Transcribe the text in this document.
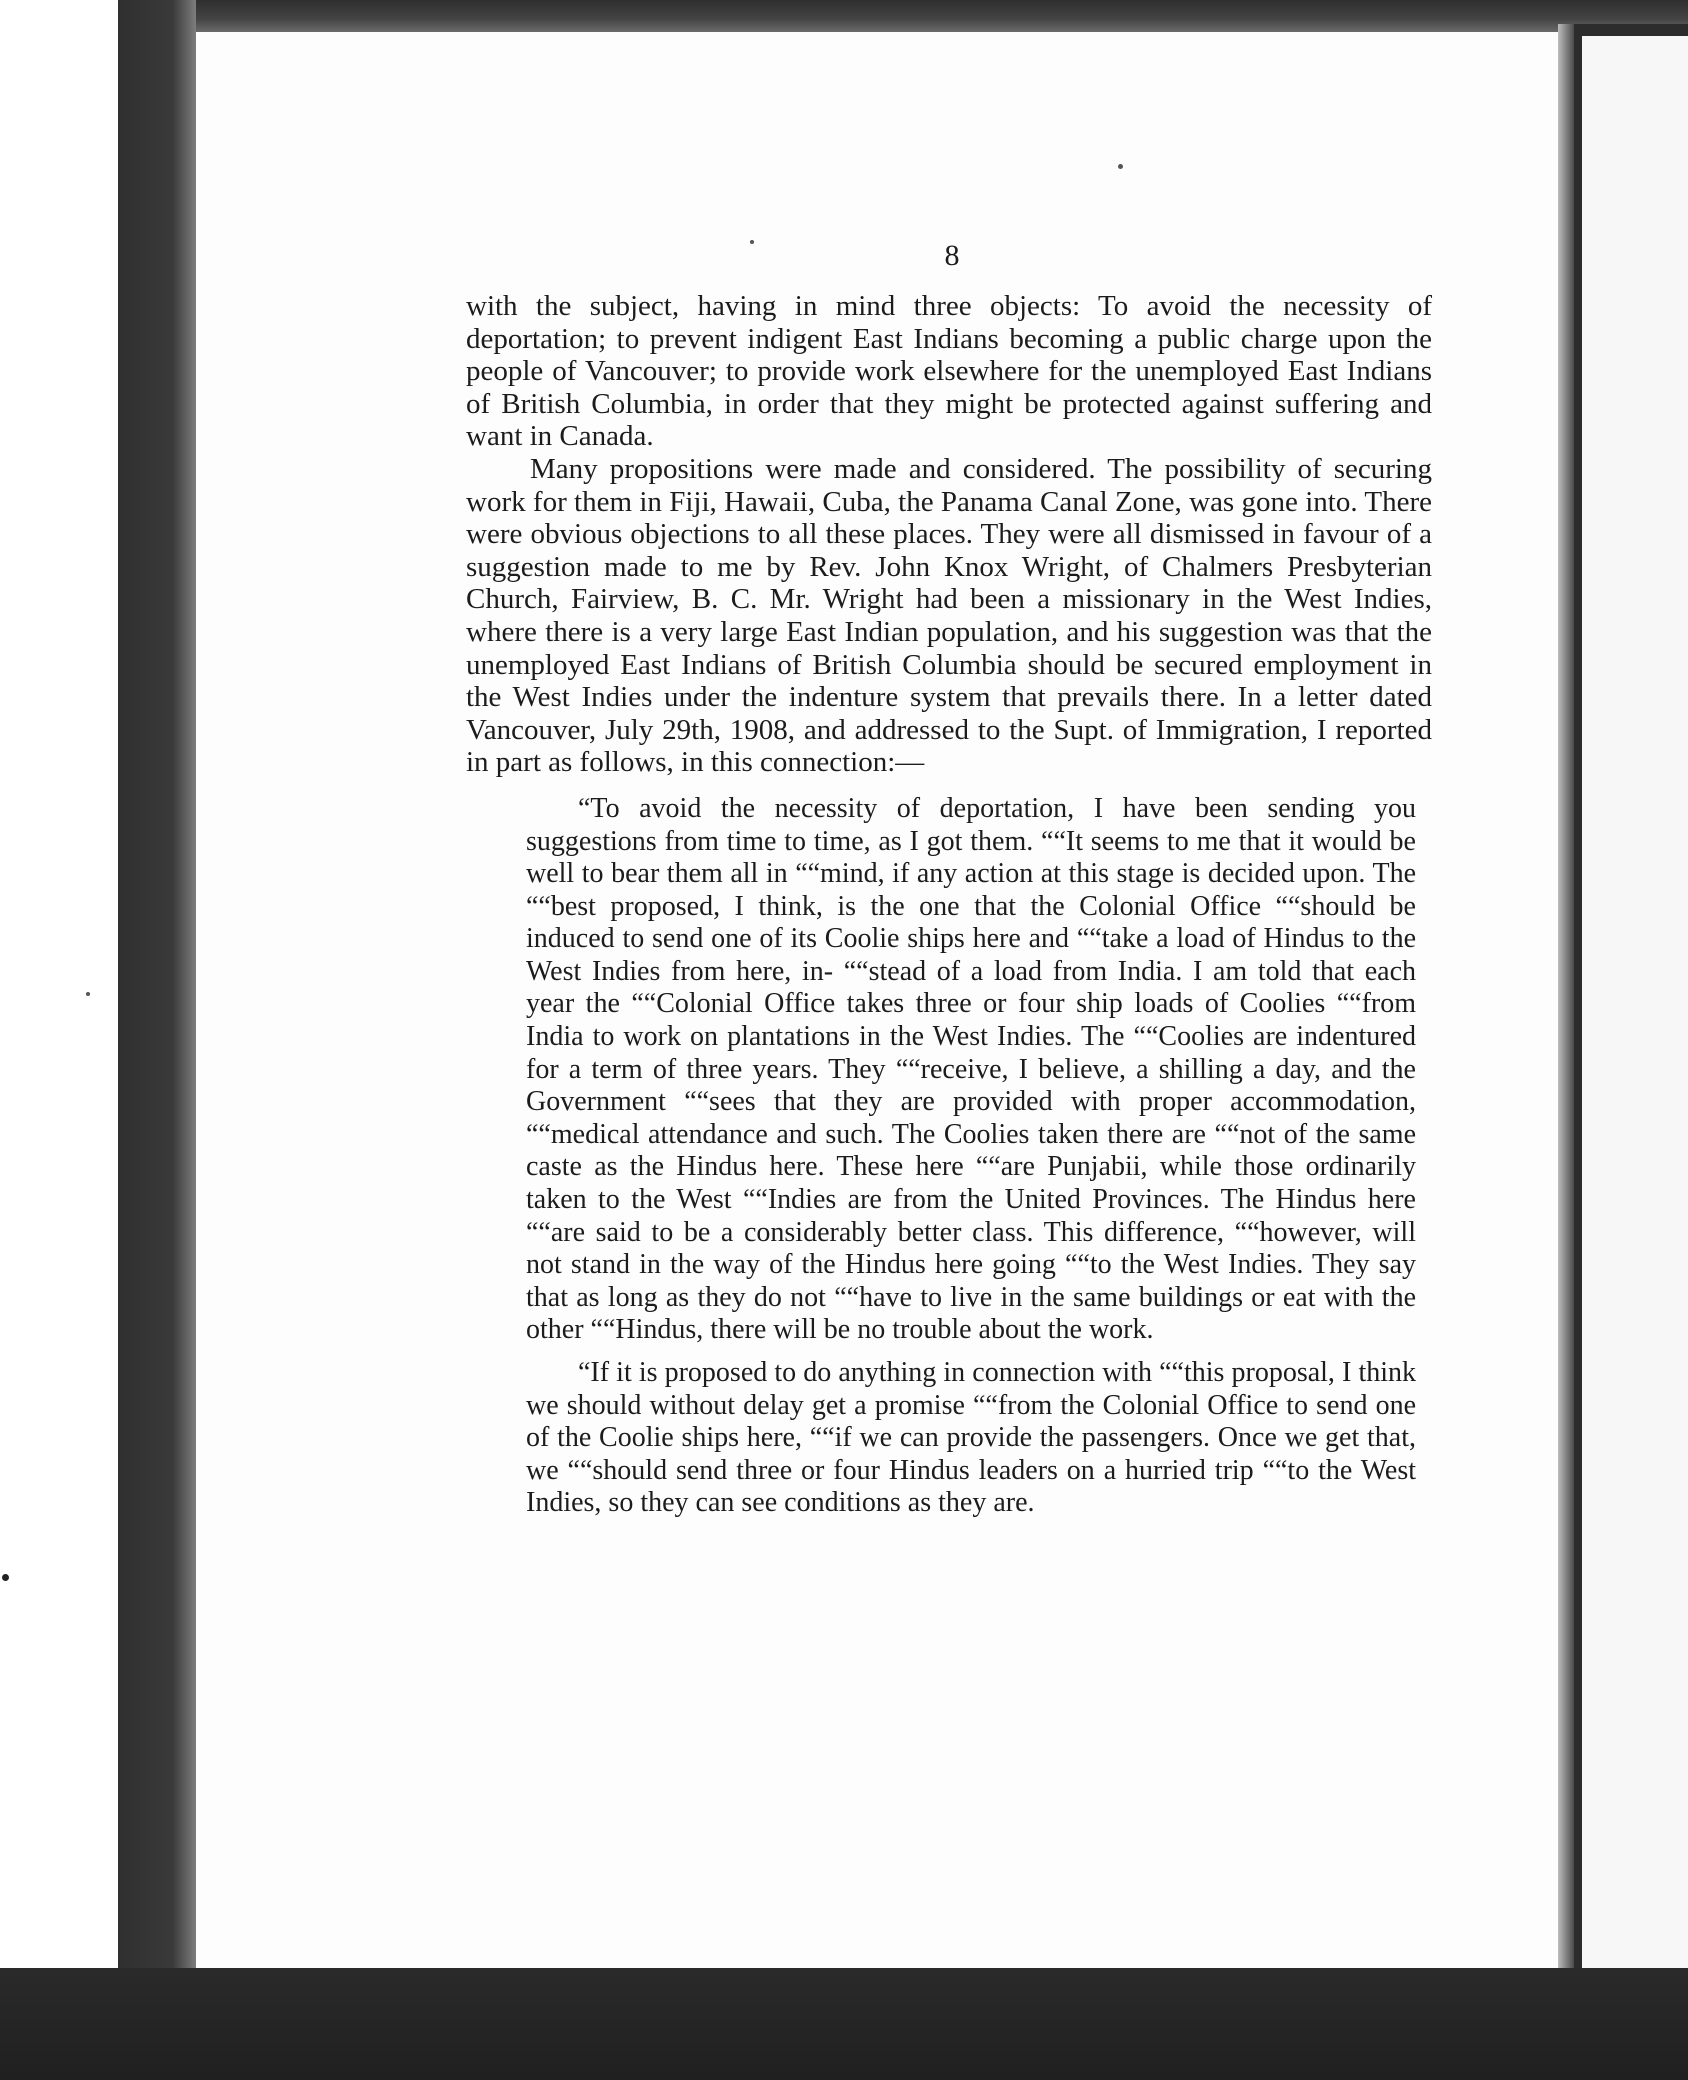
8

with the subject, having in mind three objects: To avoid the necessity of deportation; to prevent indigent East Indians becoming a public charge upon the people of Vancouver; to provide work elsewhere for the unemployed East Indians of British Columbia, in order that they might be protected against suffering and want in Canada.

Many propositions were made and considered. The possibility of securing work for them in Fiji, Hawaii, Cuba, the Panama Canal Zone, was gone into. There were obvious objections to all these places. They were all dismissed in favour of a suggestion made to me by Rev. John Knox Wright, of Chalmers Presbyterian Church, Fairview, B. C. Mr. Wright had been a missionary in the West Indies, where there is a very large East Indian population, and his suggestion was that the unemployed East Indians of British Columbia should be secured employment in the West Indies under the indenture system that prevails there. In a letter dated Vancouver, July 29th, 1908, and addressed to the Supt. of Immigration, I reported in part as follows, in this connection:—

“To avoid the necessity of deportation, I have been sending you suggestions from time to time, as I got them. ““It seems to me that it would be well to bear them all in ““mind, if any action at this stage is decided upon. The ““best proposed, I think, is the one that the Colonial Office ““should be induced to send one of its Coolie ships here and ““take a load of Hindus to the West Indies from here, in- ““stead of a load from India. I am told that each year the ““Colonial Office takes three or four ship loads of Coolies ““from India to work on plantations in the West Indies. The ““Coolies are indentured for a term of three years. They ““receive, I believe, a shilling a day, and the Government ““sees that they are provided with proper accommodation, ““medical attendance and such. The Coolies taken there are ““not of the same caste as the Hindus here. These here ““are Punjabii, while those ordinarily taken to the West ““Indies are from the United Provinces. The Hindus here ““are said to be a considerably better class. This difference, ““however, will not stand in the way of the Hindus here going ““to the West Indies. They say that as long as they do not ““have to live in the same buildings or eat with the other ““Hindus, there will be no trouble about the work.

“If it is proposed to do anything in connection with ““this proposal, I think we should without delay get a promise ““from the Colonial Office to send one of the Coolie ships here, ““if we can provide the passengers. Once we get that, we ““should send three or four Hindus leaders on a hurried trip ““to the West Indies, so they can see conditions as they are.
